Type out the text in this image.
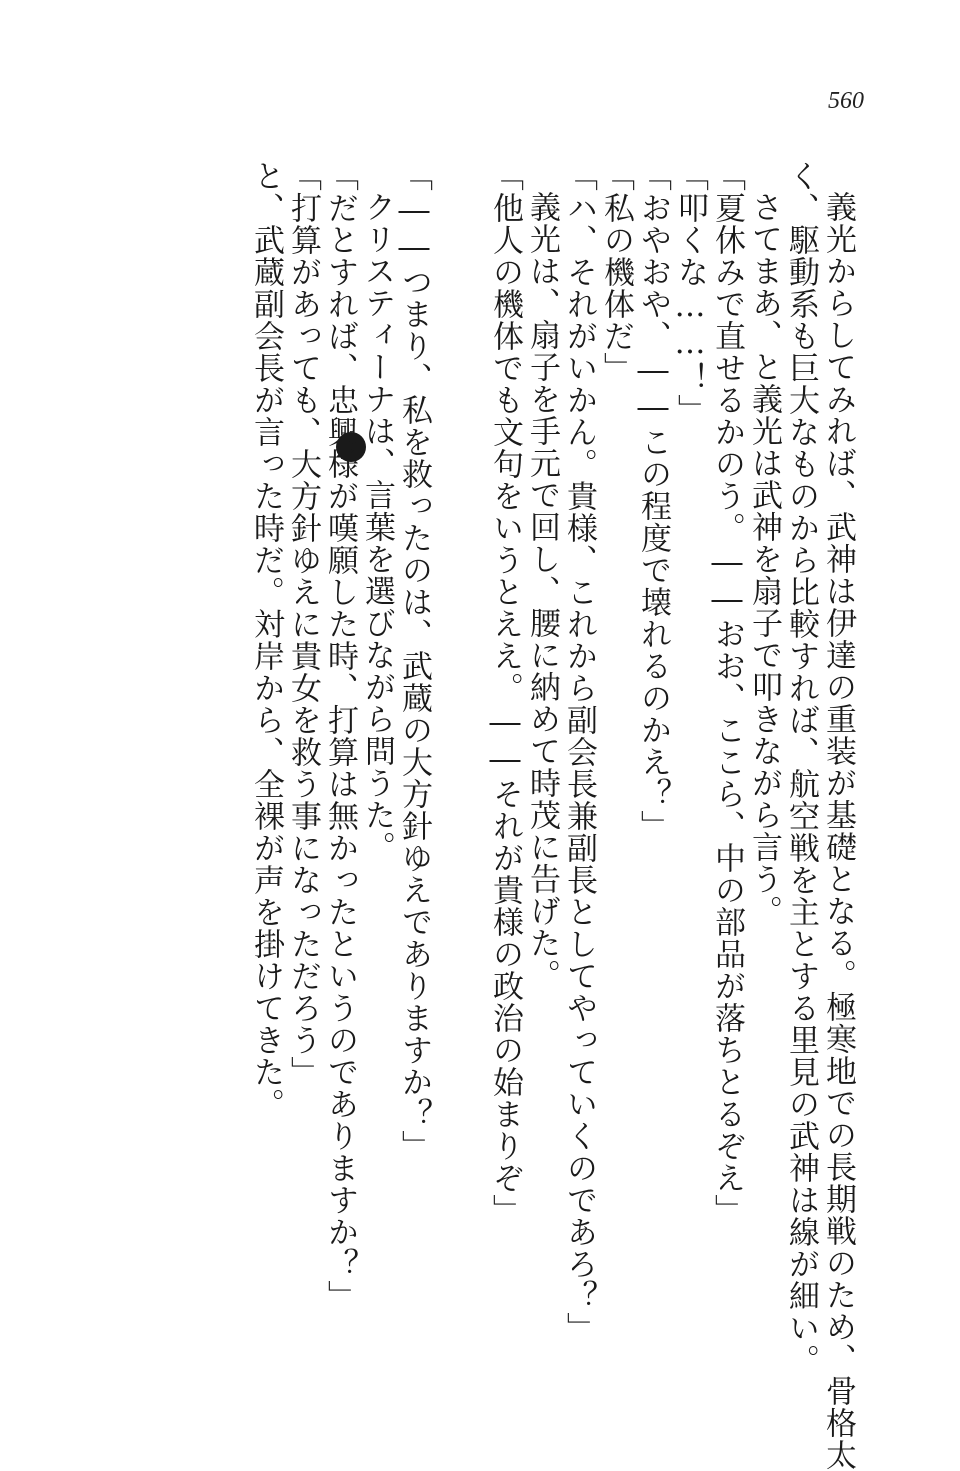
560
義光からしてみれば、武神は伊達の重装が基礎となる。極寒地での長期戦のため、骨格太
く、駆動系も巨大なものから比較すれば、航空戦を主とする里見の武神は線が細い。
さてまあ、と義光は武神を扇子で叩きながら言う。
「夏休みで直せるかのう。――おお、ここら、中の部品が落ちとるぞえ」
「叩くな……！」
「おやおや、――この程度で壊れるのかえ？」
「私の機体だ」
「ハ、それがいかん。貴様、これから副会長兼副長としてやっていくのであろ？」
義光は、扇子を手元で回し、腰に納めて時茂に告げた。
「他人の機体でも文句をいうとええ。――それが貴様の政治の始まりぞ」
「――つまり、私を救ったのは、武蔵の大方針ゆえでありますか？」
クリスティーナは、言葉を選びながら問うた。
「だとすれば、忠興様が嘆願した時、打算は無かったというのでありますか？」
「打算があっても、大方針ゆえに貴女を救う事になっただろう」
と、武蔵副会長が言った時だ。対岸から、全裸が声を掛けてきた。
